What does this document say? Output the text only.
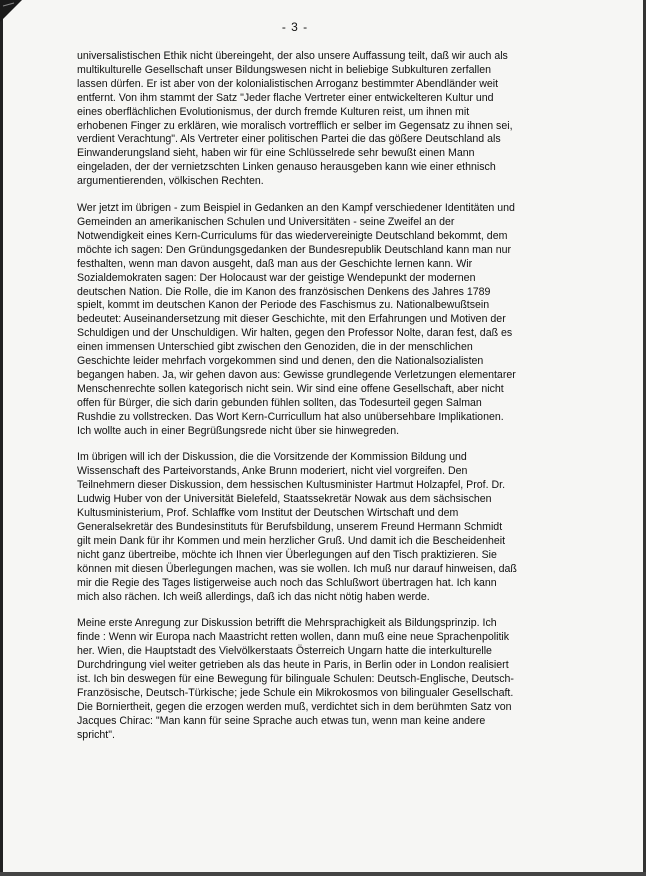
- 3 -

universalistischen Ethik nicht übereingeht, der also unsere Auffassung teilt, daß wir auch als multikulturelle Gesellschaft unser Bildungswesen nicht in beliebige Subkulturen zerfallen lassen dürfen. Er ist aber von der kolonialistischen Arroganz bestimmter Abendländer weit entfernt. Von ihm stammt der Satz "Jeder flache Vertreter einer entwickelteren Kultur und eines oberflächlichen Evolutionismus, der durch fremde Kulturen reist, um ihnen mit erhobenen Finger zu erklären, wie moralisch vortrefflich er selber im Gegensatz zu ihnen sei, verdient Verachtung". Als Vertreter einer politischen Partei die das gößere Deutschland als Einwanderungsland sieht, haben wir für eine Schlüsselrede sehr bewußt einen Mann eingeladen, der der vernietzschten Linken genauso herausgeben kann wie einer ethnisch argumentierenden, völkischen Rechten.

Wer jetzt im übrigen - zum Beispiel in Gedanken an den Kampf verschiedener Identitäten und Gemeinden an amerikanischen Schulen und Universitäten - seine Zweifel an der Notwendigkeit eines Kern-Curriculums für das wiedervereinigte Deutschland bekommt, dem möchte ich sagen: Den Gründungsgedanken der Bundesrepublik Deutschland kann man nur festhalten, wenn man davon ausgeht, daß man aus der Geschichte lernen kann. Wir Sozialdemokraten sagen: Der Holocaust war der geistige Wendepunkt der modernen deutschen Nation. Die Rolle, die im Kanon des französischen Denkens des Jahres 1789 spielt, kommt im deutschen Kanon der Periode des Faschismus zu. Nationalbewußtsein bedeutet: Auseinandersetzung mit dieser Geschichte, mit den Erfahrungen und Motiven der Schuldigen und der Unschuldigen. Wir halten, gegen den Professor Nolte, daran fest, daß es einen immensen Unterschied gibt zwischen den Genoziden, die in der menschlichen Geschichte leider mehrfach vorgekommen sind und denen, den die Nationalsozialisten begangen haben. Ja, wir gehen davon aus: Gewisse grundlegende Verletzungen elementarer Menschenrechte sollen kategorisch nicht sein. Wir sind eine offene Gesellschaft, aber nicht offen für Bürger, die sich darin gebunden fühlen sollten, das Todesurteil gegen Salman Rushdie zu vollstrecken. Das Wort Kern-Curricullum hat also unübersehbare Implikationen. Ich wollte auch in einer Begrüßungsrede nicht über sie hinwegreden.

Im übrigen will ich der Diskussion, die die Vorsitzende der Kommission Bildung und Wissenschaft des Parteivorstands, Anke Brunn moderiert, nicht viel vorgreifen. Den Teilnehmern dieser Diskussion, dem hessischen Kultusminister Hartmut Holzapfel, Prof. Dr. Ludwig Huber von der Universität Bielefeld, Staatssekretär Nowak aus dem sächsischen Kultusministerium, Prof. Schlaffke vom Institut der Deutschen Wirtschaft und dem Generalsekretär des Bundesinstituts für Berufsbildung, unserem Freund Hermann Schmidt gilt mein Dank für ihr Kommen und mein herzlicher Gruß. Und damit ich die Bescheidenheit nicht ganz übertreibe, möchte ich Ihnen vier Überlegungen auf den Tisch praktizieren. Sie können mit diesen Überlegungen machen, was sie wollen. Ich muß nur darauf hinweisen, daß mir die Regie des Tages listigerweise auch noch das Schlußwort übertragen hat. Ich kann mich also rächen. Ich weiß allerdings, daß ich das nicht nötig haben werde.

Meine erste Anregung zur Diskussion betrifft die Mehrsprachigkeit als Bildungsprinzip. Ich finde : Wenn wir Europa nach Maastricht retten wollen, dann muß eine neue Sprachenpolitik her. Wien, die Hauptstadt des Vielvölkerstaats Österreich Ungarn hatte die interkulturelle Durchdringung viel weiter getrieben als das heute in Paris, in Berlin oder in London realisiert ist. Ich bin deswegen für eine Bewegung für bilinguale Schulen: Deutsch-Englische, Deutsch-Französische, Deutsch-Türkische; jede Schule ein Mikrokosmos von bilingualer Gesellschaft. Die Borniertheit, gegen die erzogen werden muß, verdichtet sich in dem berühmten Satz von Jacques Chirac: "Man kann für seine Sprache auch etwas tun, wenn man keine andere spricht".
